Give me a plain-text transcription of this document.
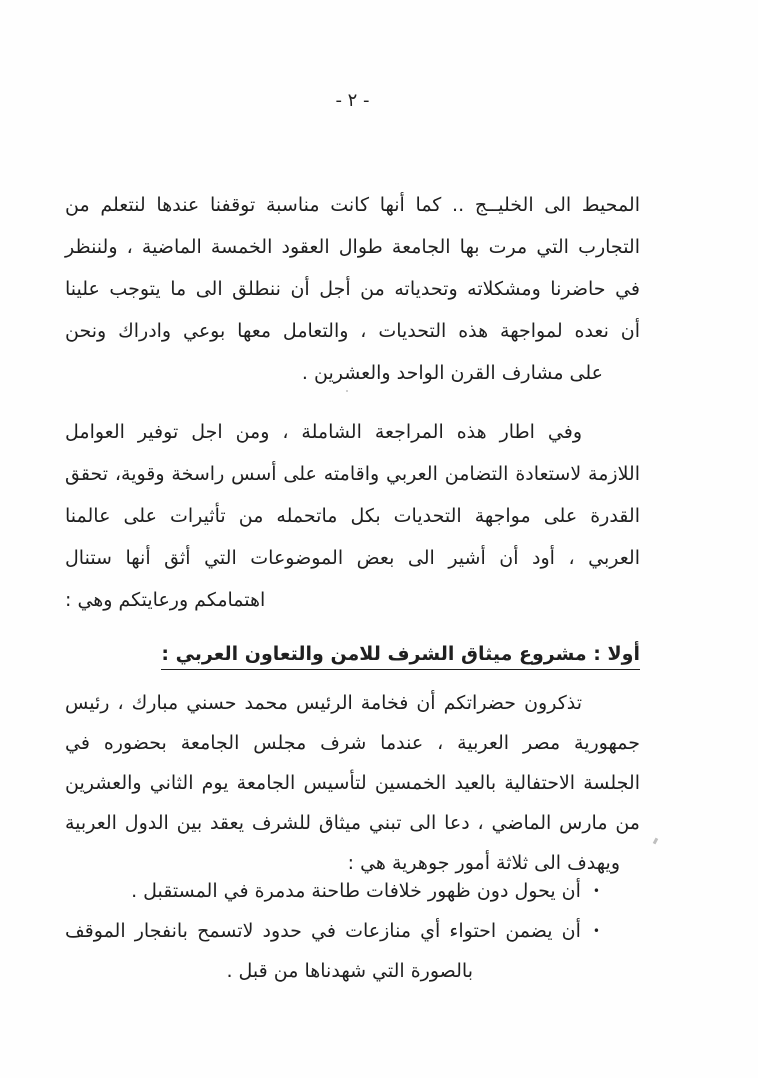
- ٢ -
المحيط الى الخليــج .. كما أنها كانت مناسبة توقفنا عندها لنتعلم من
التجارب التي مرت بها الجامعة طوال العقود الخمسة الماضية ، ولننظر
في حاضرنا ومشكلاته وتحدياته من أجل أن ننطلق الى ما يتوجب علينا
أن نعده لمواجهة هذه التحديات ، والتعامل معها بوعي وادراك ونحن
على مشارف القرن الواحد والعشرين .
وفي اطار هذه المراجعة الشاملة ، ومن اجل توفير العوامل
اللازمة لاستعادة التضامن العربي واقامته على أسس راسخة وقوية، تحقق
القدرة على مواجهة التحديات بكل ماتحمله من تأثيرات على عالمنا
العربي ، أود أن أشير الى بعض الموضوعات التي أثق أنها ستنال
اهتمامكم ورعايتكم وهي :
أولا : مشروع ميثاق الشرف للامن والتعاون العربي :
تذكرون حضراتكم أن فخامة الرئيس محمد حسني مبارك ، رئيس
جمهورية مصر العربية ، عندما شرف مجلس الجامعة بحضوره في
الجلسة الاحتفالية بالعيد الخمسين لتأسيس الجامعة يوم الثاني والعشرين
من مارس الماضي ، دعا الى تبني ميثاق للشرف يعقد بين الدول العربية
ويهدف الى ثلاثة أمور جوهرية هي :
•أن يحول دون ظهور خلافات طاحنة مدمرة في المستقبل .
•أن يضمن احتواء أي منازعات في حدود لاتسمح بانفجار الموقف
بالصورة التي شهدناها من قبل .
